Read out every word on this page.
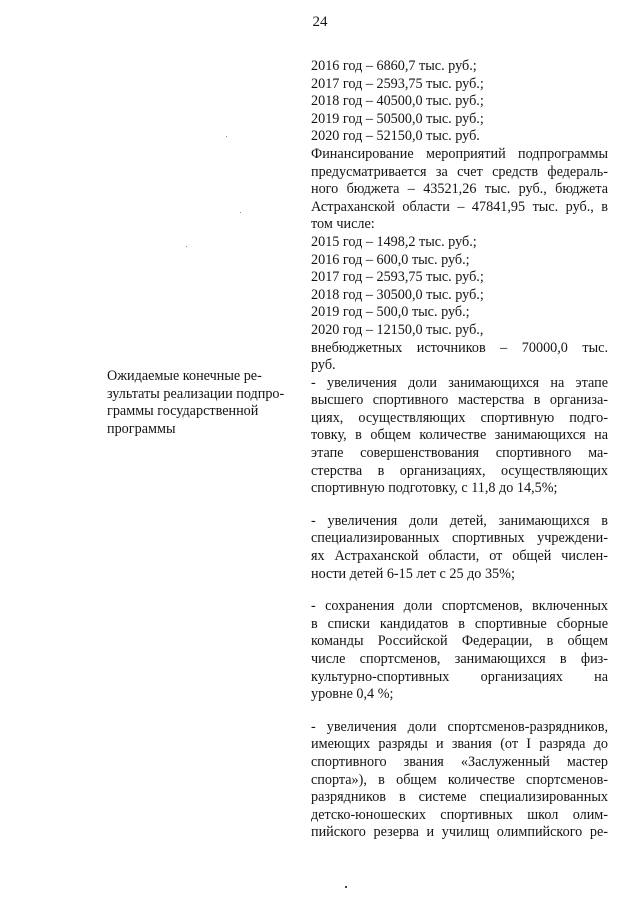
24
Ожидаемые конечные ре-
зультаты реализации подпро-
граммы государственной
программы
2016 год – 6860,7 тыс. руб.;
2017 год – 2593,75 тыс. руб.;
2018 год – 40500,0 тыс. руб.;
2019 год – 50500,0 тыс. руб.;
2020 год – 52150,0 тыс. руб.
Финансирование мероприятий подпрограммы
предусматривается за счет средств федераль-
ного бюджета – 43521,26 тыс. руб., бюджета
Астраханской области – 47841,95 тыс. руб., в
том числе:
2015 год – 1498,2 тыс. руб.;
2016 год – 600,0 тыс. руб.;
2017 год – 2593,75 тыс. руб.;
2018 год – 30500,0 тыс. руб.;
2019 год – 500,0 тыс. руб.;
2020 год – 12150,0 тыс. руб.,
внебюджетных источников – 70000,0 тыс.
руб.
- увеличения доли занимающихся на этапе
высшего спортивного мастерства в организа-
циях, осуществляющих спортивную подго-
товку, в общем количестве занимающихся на
этапе совершенствования спортивного ма-
стерства в организациях, осуществляющих
спортивную подготовку, с 11,8 до 14,5%;
- увеличения доли детей, занимающихся в
специализированных спортивных учреждени-
ях Астраханской области, от общей числен-
ности детей 6-15 лет с 25 до 35%;
- сохранения доли спортсменов, включенных
в списки кандидатов в спортивные сборные
команды Российской Федерации, в общем
числе спортсменов, занимающихся в физ-
культурно-спортивных организациях на
уровне 0,4 %;
- увеличения доли спортсменов-разрядников,
имеющих разряды и звания (от I разряда до
спортивного звания «Заслуженный мастер
спорта»), в общем количестве спортсменов-
разрядников в системе специализированных
детско-юношеских спортивных школ олим-
пийского резерва и училищ олимпийского ре-
